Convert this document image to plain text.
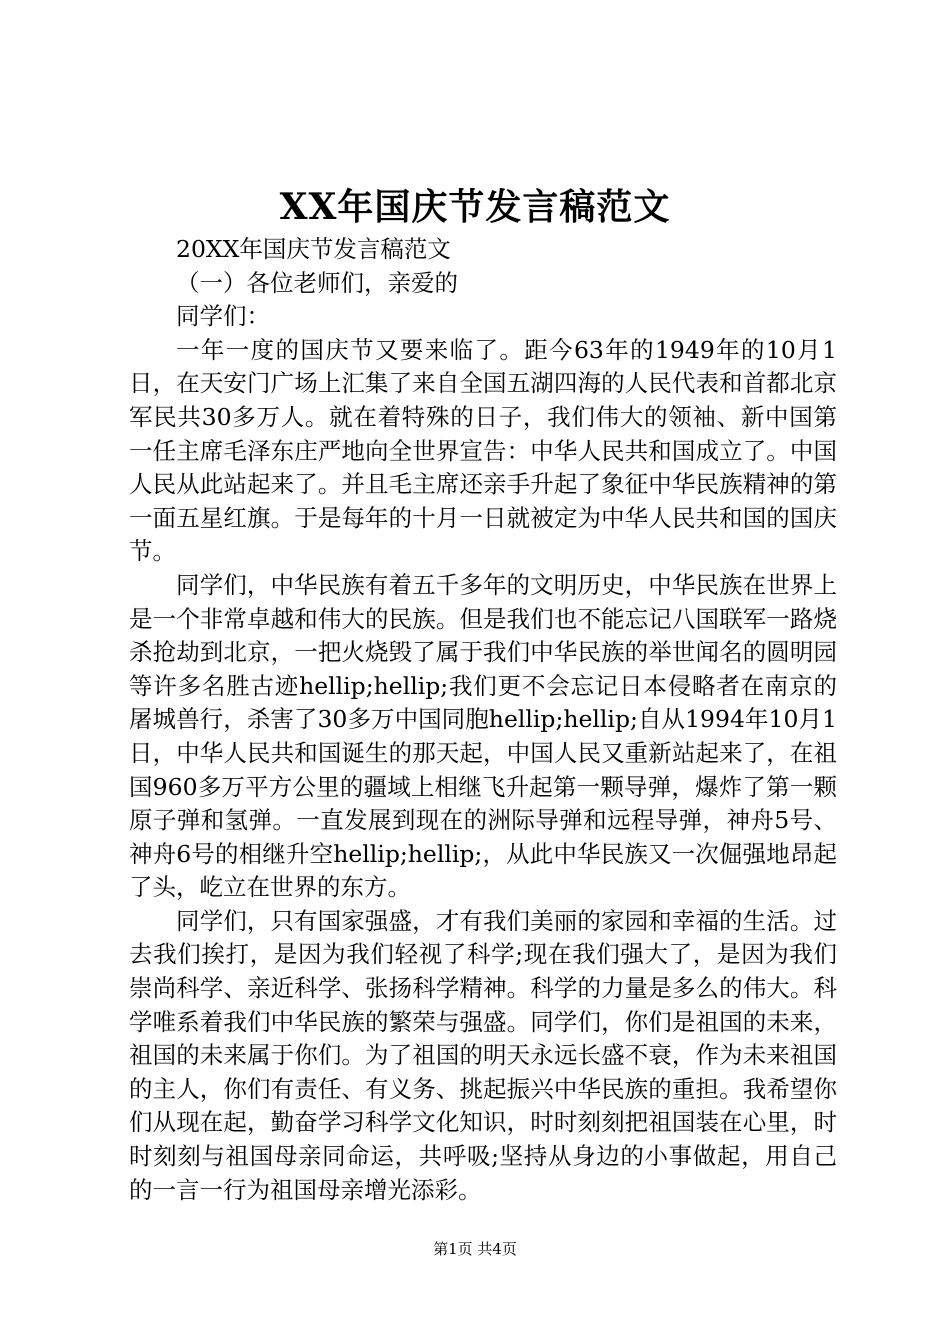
XX年国庆节发言稿范文

20XX年国庆节发言稿范文

（一）各位老师们，亲爱的

同学们：

一年一度的国庆节又要来临了。距今63年的1949年的10月1日，在天安门广场上汇集了来自全国五湖四海的人民代表和首都北京军民共30多万人。就在着特殊的日子，我们伟大的领袖、新中国第一任主席毛泽东庄严地向全世界宣告：中华人民共和国成立了。中国人民从此站起来了。并且毛主席还亲手升起了象征中华民族精神的第一面五星红旗。于是每年的十月一日就被定为中华人民共和国的国庆节。

同学们，中华民族有着五千多年的文明历史，中华民族在世界上是一个非常卓越和伟大的民族。但是我们也不能忘记八国联军一路烧杀抢劫到北京，一把火烧毁了属于我们中华民族的举世闻名的圆明园等许多名胜古迹hellip;hellip;我们更不会忘记日本侵略者在南京的屠城兽行，杀害了30多万中国同胞hellip;hellip;自从1994年10月1日，中华人民共和国诞生的那天起，中国人民又重新站起来了，在祖国960多万平方公里的疆域上相继飞升起第一颗导弹，爆炸了第一颗原子弹和氢弹。一直发展到现在的洲际导弹和远程导弹，神舟5号、神舟6号的相继升空hellip;hellip;，从此中华民族又一次倔强地昂起了头，屹立在世界的东方。

同学们，只有国家强盛，才有我们美丽的家园和幸福的生活。过去我们挨打，是因为我们轻视了科学;现在我们强大了，是因为我们崇尚科学、亲近科学、张扬科学精神。科学的力量是多么的伟大。科学唯系着我们中华民族的繁荣与强盛。同学们，你们是祖国的未来，祖国的未来属于你们。为了祖国的明天永远长盛不衰，作为未来祖国的主人，你们有责任、有义务、挑起振兴中华民族的重担。我希望你们从现在起，勤奋学习科学文化知识，时时刻刻把祖国装在心里，时时刻刻与祖国母亲同命运，共呼吸;坚持从身边的小事做起，用自己的一言一行为祖国母亲增光添彩。

第1页 共4页
